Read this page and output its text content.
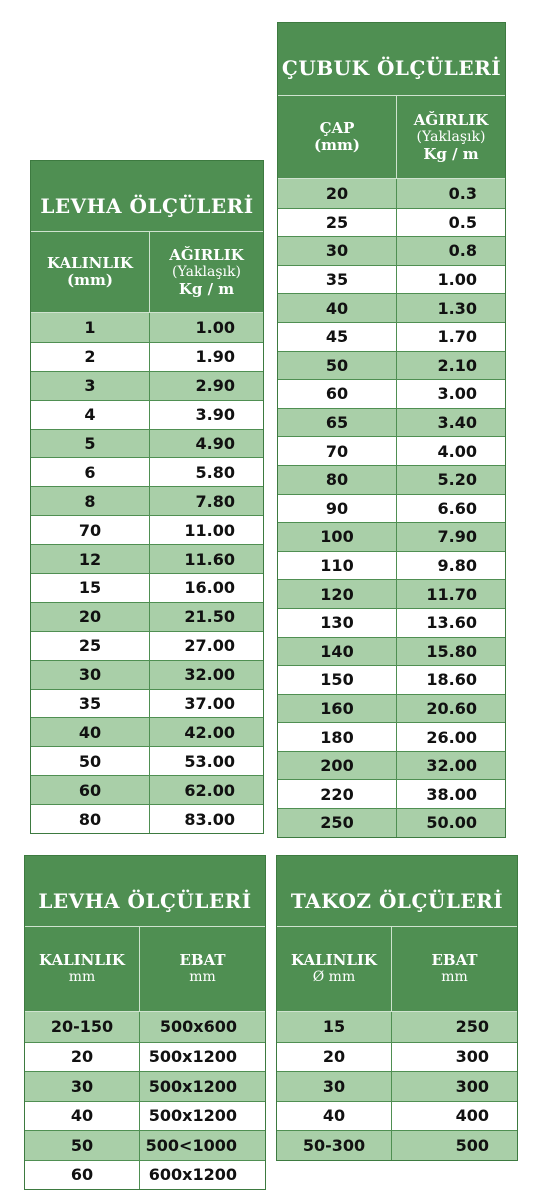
LEVHA ÖLÇÜLERİ
KALINLIK
(mm)
AĞIRLIK
(Yaklaşık)
Kg / m
1	1.00
2	1.90
3	2.90
4	3.90
5	4.90
6	5.80
8	7.80
70	11.00
12	11.60
15	16.00
20	21.50
25	27.00
30	32.00
35	37.00
40	42.00
50	53.00
60	62.00
80	83.00
ÇUBUK ÖLÇÜLERİ
ÇAP
(mm)
AĞIRLIK
(Yaklaşık)
Kg / m
20	0.3
25	0.5
30	0.8
35	1.00
40	1.30
45	1.70
50	2.10
60	3.00
65	3.40
70	4.00
80	5.20
90	6.60
100	7.90
110	9.80
120	11.70
130	13.60
140	15.80
150	18.60
160	20.60
180	26.00
200	32.00
220	38.00
250	50.00
LEVHA ÖLÇÜLERİ
KALINLIK
mm
EBAT
mm
20-150	500x600
20	500x1200
30	500x1200
40	500x1200
50	500<1000
60	600x1200
TAKOZ ÖLÇÜLERİ
KALINLIK
Ø mm
EBAT
mm
15	250
20	300
30	300
40	400
50-300	500
